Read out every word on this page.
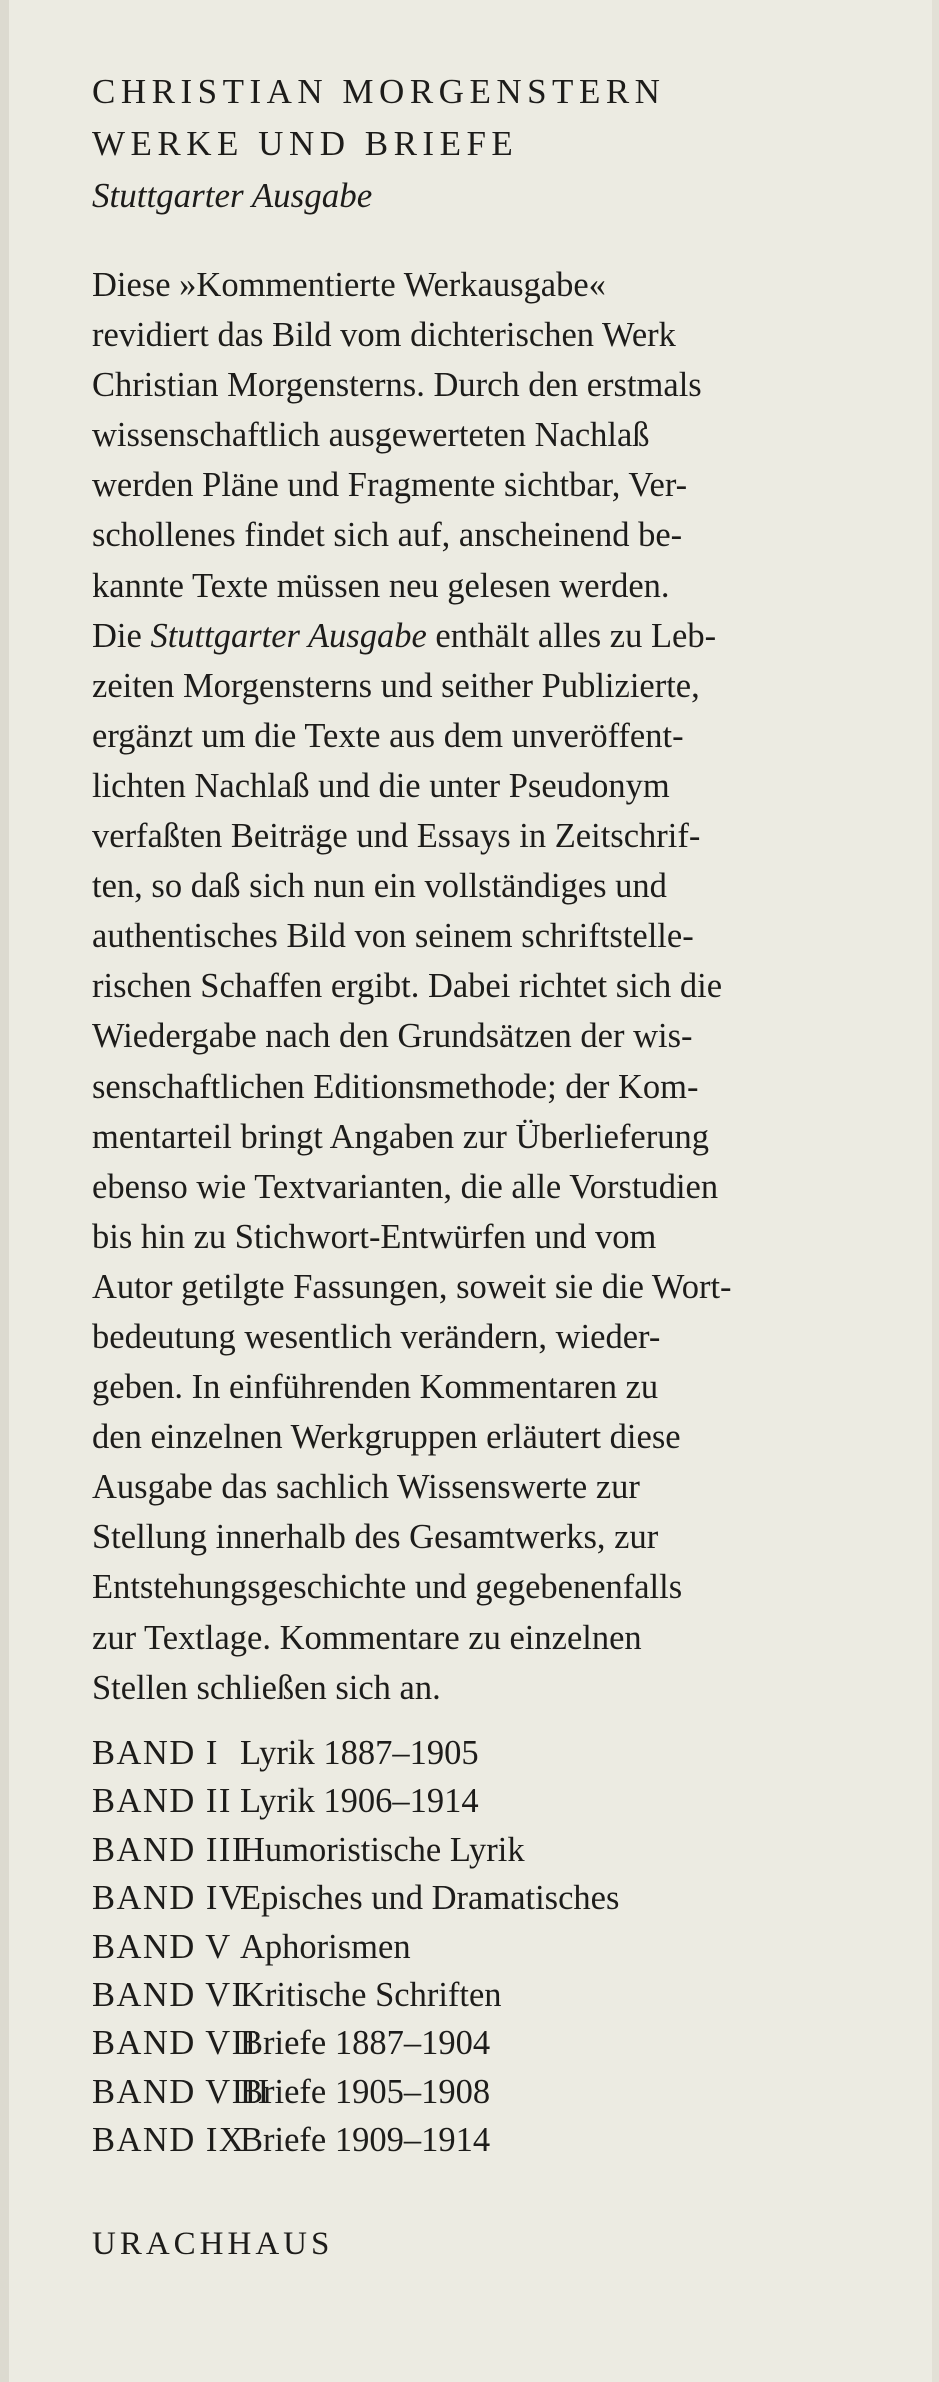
CHRISTIAN MORGENSTERN
WERKE UND BRIEFE
Stuttgarter Ausgabe
Diese »Kommentierte Werkausgabe«
revidiert das Bild vom dichterischen Werk
Christian Morgensterns. Durch den erstmals
wissenschaftlich ausgewerteten Nachlaß
werden Pläne und Fragmente sichtbar, Ver-
schollenes findet sich auf, anscheinend be-
kannte Texte müssen neu gelesen werden.
Die Stuttgarter Ausgabe enthält alles zu Leb-
zeiten Morgensterns und seither Publizierte,
ergänzt um die Texte aus dem unveröffent-
lichten Nachlaß und die unter Pseudonym
verfaßten Beiträge und Essays in Zeitschrif-
ten, so daß sich nun ein vollständiges und
authentisches Bild von seinem schriftstelle-
rischen Schaffen ergibt. Dabei richtet sich die
Wiedergabe nach den Grundsätzen der wis-
senschaftlichen Editionsmethode; der Kom-
mentarteil bringt Angaben zur Überlieferung
ebenso wie Textvarianten, die alle Vorstudien
bis hin zu Stichwort-Entwürfen und vom
Autor getilgte Fassungen, soweit sie die Wort-
bedeutung wesentlich verändern, wieder-
geben. In einführenden Kommentaren zu
den einzelnen Werkgruppen erläutert diese
Ausgabe das sachlich Wissenswerte zur
Stellung innerhalb des Gesamtwerks, zur
Entstehungsgeschichte und gegebenenfalls
zur Textlage. Kommentare zu einzelnen
Stellen schließen sich an.
BAND I Lyrik 1887–1905
BAND II Lyrik 1906–1914
BAND III
Humoristische Lyrik
BAND IV
Episches und Dramatisches
BAND V Aphorismen
BAND VI
Kritische Schriften
BAND VII
Briefe 1887–1904
BAND VIII
Briefe 1905–1908
BAND IX
Briefe 1909–1914
URACHHAUS
